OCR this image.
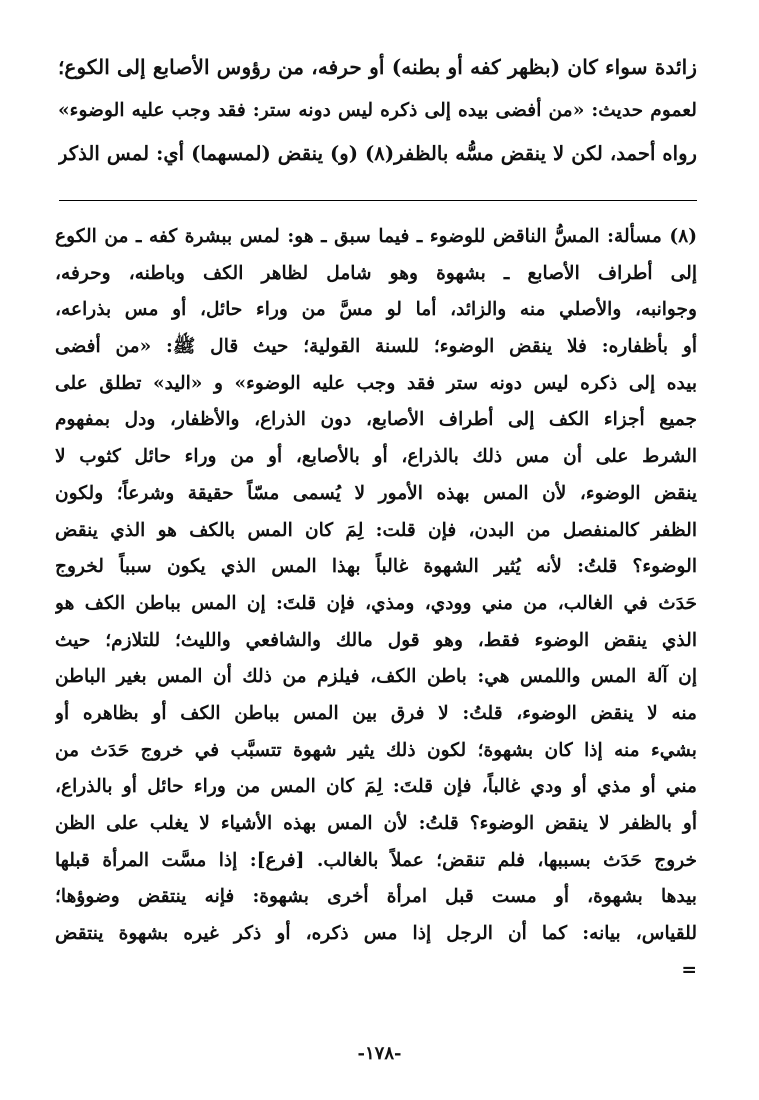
زائدة سواء كان (بظهر كفه أو بطنه) أو حرفه، من رؤوس الأصابع إلى الكوع؛
لعموم حديث: «من أفضى بيده إلى ذكره ليس دونه ستر: فقد وجب عليه الوضوء»
رواه أحمد، لكن لا ينقض مسُّه بالظفر(٨) (و) ينقض (لمسهما) أي: لمس الذكر
(٨) مسألة: المسُّ الناقض للوضوء ـ فيما سبق ـ هو: لمس ببشرة كفه ـ من الكوع
إلى أطراف الأصابع ـ بشهوة وهو شامل لظاهر الكف وباطنه، وحرفه،
وجوانبه، والأصلي منه والزائد، أما لو مسَّ من وراء حائل، أو مس بذراعه،
أو بأظفاره: فلا ينقض الوضوء؛ للسنة القولية؛ حيث قال ﷺ: «من أفضى
بيده إلى ذكره ليس دونه ستر فقد وجب عليه الوضوء» و «اليد» تطلق على
جميع أجزاء الكف إلى أطراف الأصابع، دون الذراع، والأظفار، ودل بمفهوم
الشرط على أن مس ذلك بالذراع، أو بالأصابع، أو من وراء حائل كثوب لا
ينقض الوضوء، لأن المس بهذه الأمور لا يُسمى مسّاً حقيقة وشرعاً؛ ولكون
الظفر كالمنفصل من البدن، فإن قلت: لِمَ كان المس بالكف هو الذي ينقض
الوضوء؟ قلتُ: لأنه يُثير الشهوة غالباً بهذا المس الذي يكون سبباً لخروج
حَدَث في الغالب، من مني وودي، ومذي، فإن قلتَ: إن المس بباطن الكف هو
الذي ينقض الوضوء فقط، وهو قول مالك والشافعي والليث؛ للتلازم؛ حيث
إن آلة المس واللمس هي: باطن الكف، فيلزم من ذلك أن المس بغير الباطن
منه لا ينقض الوضوء، قلتُ: لا فرق بين المس بباطن الكف أو بظاهره أو
بشيء منه إذا كان بشهوة؛ لكون ذلك يثير شهوة تتسبَّب في خروج حَدَث من
مني أو مذي أو ودي غالباً، فإن قلتَ: لِمَ كان المس من وراء حائل أو بالذراع،
أو بالظفر لا ينقض الوضوء؟ قلتُ: لأن المس بهذه الأشياء لا يغلب على الظن
خروج حَدَث بسببها، فلم تنقض؛ عملاً بالغالب. [فرع]: إذا مسَّت المرأة قبلها
بيدها بشهوة، أو مست قبل امرأة أخرى بشهوة: فإنه ينتقض وضوؤها؛
للقياس، بيانه: كما أن الرجل إذا مس ذكره، أو ذكر غيره بشهوة ينتقض
=
-١٧٨-
